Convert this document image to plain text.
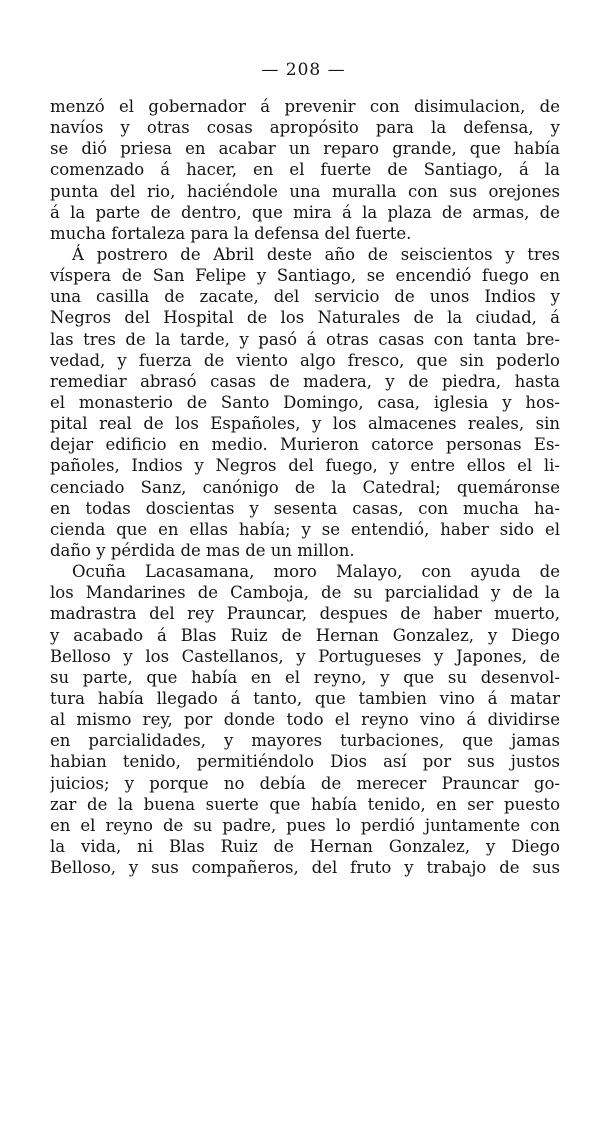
— 208 —
menzó el gobernador á prevenir con disimulacion, de
navíos y otras cosas apropósito para la defensa, y
se dió priesa en acabar un reparo grande, que había
comenzado á hacer, en el fuerte de Santiago, á la
punta del rio, haciéndole una muralla con sus orejones
á la parte de dentro, que mira á la plaza de armas, de
mucha fortaleza para la defensa del fuerte.
Á postrero de Abril deste año de seiscientos y tres
víspera de San Felipe y Santiago, se encendió fuego en
una casilla de zacate, del servicio de unos Indios y
Negros del Hospital de los Naturales de la ciudad, á
las tres de la tarde, y pasó á otras casas con tanta bre-
vedad, y fuerza de viento algo fresco, que sin poderlo
remediar abrasó casas de madera, y de piedra, hasta
el monasterio de Santo Domingo, casa, iglesia y hos-
pital real de los Españoles, y los almacenes reales, sin
dejar edificio en medio. Murieron catorce personas Es-
pañoles, Indios y Negros del fuego, y entre ellos el li-
cenciado Sanz, canónigo de la Catedral; quemáronse
en todas doscientas y sesenta casas, con mucha ha-
cienda que en ellas había; y se entendió, haber sido el
daño y pérdida de mas de un millon.
Ocuña Lacasamana, moro Malayo, con ayuda de
los Mandarines de Camboja, de su parcialidad y de la
madrastra del rey Prauncar, despues de haber muerto,
y acabado á Blas Ruiz de Hernan Gonzalez, y Diego
Belloso y los Castellanos, y Portugueses y Japones, de
su parte, que había en el reyno, y que su desenvol-
tura había llegado á tanto, que tambien vino á matar
al mismo rey, por donde todo el reyno vino á dividirse
en parcialidades, y mayores turbaciones, que jamas
habian tenido, permitiéndolo Dios así por sus justos
juicios; y porque no debía de merecer Prauncar go-
zar de la buena suerte que había tenido, en ser puesto
en el reyno de su padre, pues lo perdió juntamente con
la vida, ni Blas Ruiz de Hernan Gonzalez, y Diego
Belloso, y sus compañeros, del fruto y trabajo de sus
